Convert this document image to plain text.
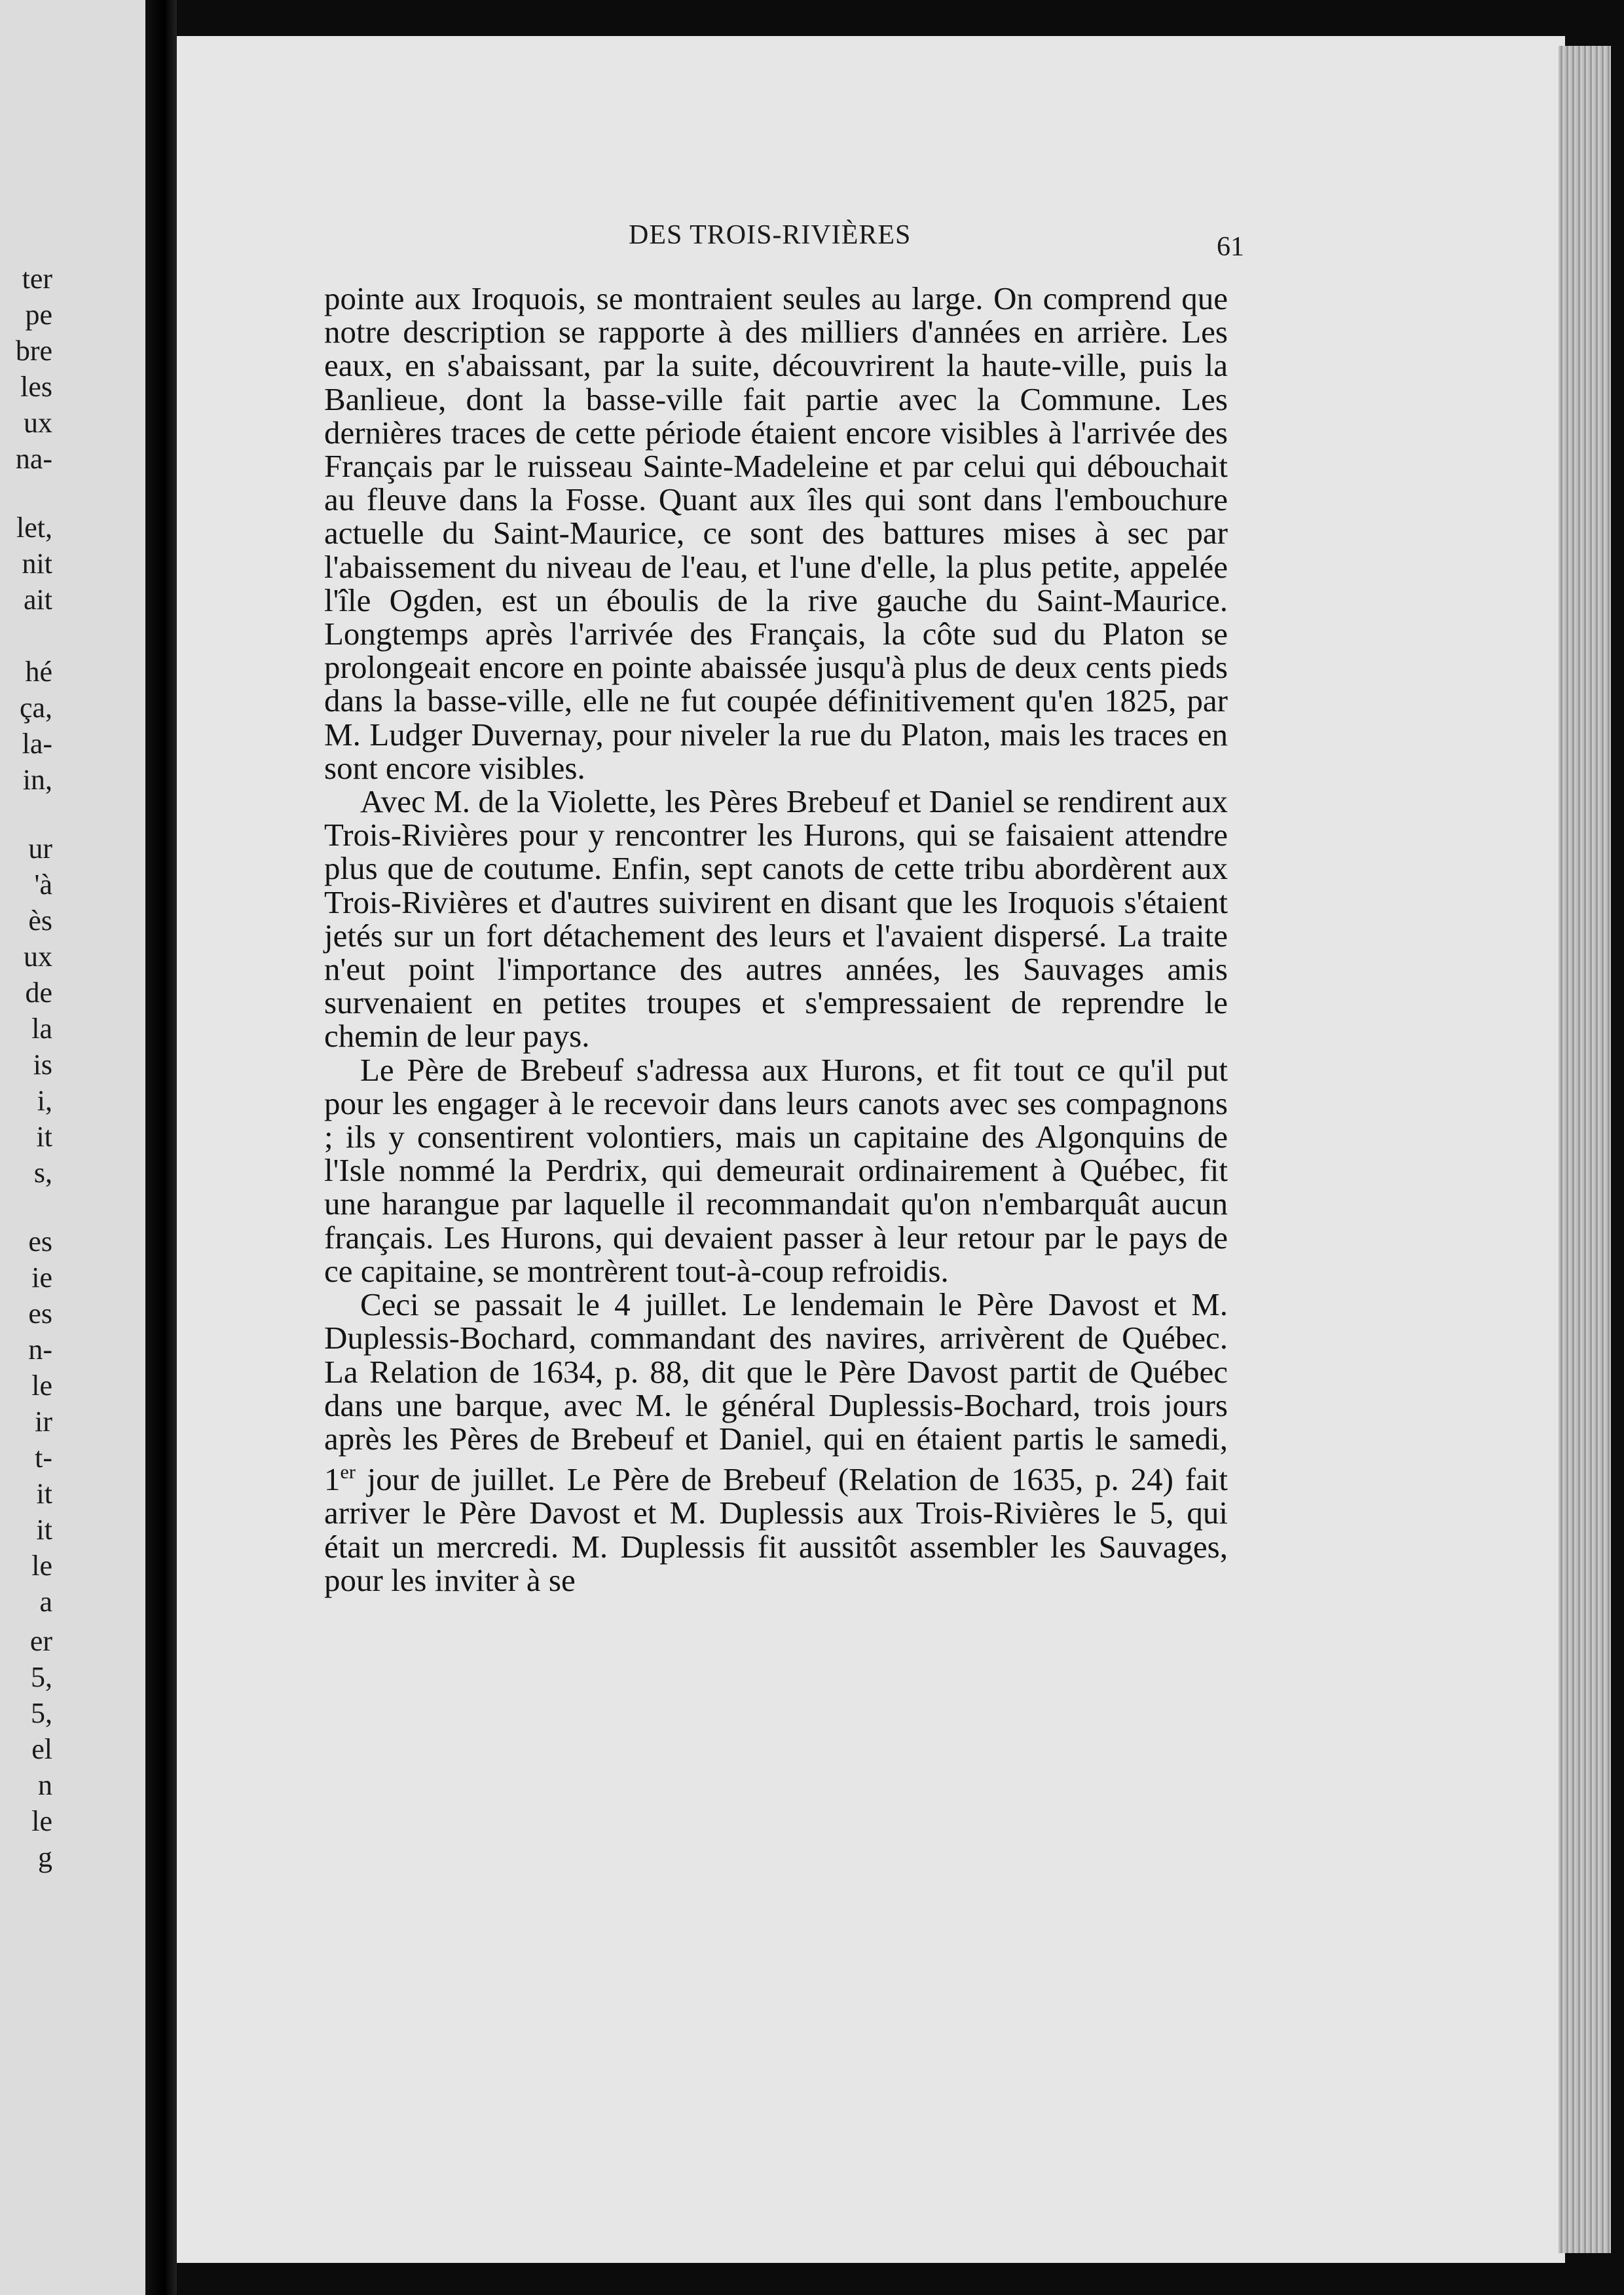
ter
pe
bre
les
ux
na-
let,
nit
ait
hé
ça,
la-
in,
ur
'à
ès
ux
de
la
is
i,
it
s,
es
ie
es
n-
le
ir
t-
it
it
le
a
er
5,
5,
el
n
le
g
DES TROIS-RIVIÈRES	61

pointe aux Iroquois, se montraient seules au large. On comprend que notre description se rapporte à des milliers d'années en arrière. Les eaux, en s'abaissant, par la suite, découvrirent la haute-ville, puis la Banlieue, dont la basse-ville fait partie avec la Commune. Les dernières traces de cette période étaient encore visibles à l'arrivée des Français par le ruisseau Sainte-Madeleine et par celui qui débouchait au fleuve dans la Fosse. Quant aux îles qui sont dans l'embouchure actuelle du Saint-Maurice, ce sont des battures mises à sec par l'abaissement du niveau de l'eau, et l'une d'elle, la plus petite, appelée l'île Ogden, est un éboulis de la rive gauche du Saint-Maurice. Longtemps après l'arrivée des Français, la côte sud du Platon se prolongeait encore en pointe abaissée jusqu'à plus de deux cents pieds dans la basse-ville, elle ne fut coupée définitivement qu'en 1825, par M. Ludger Duvernay, pour niveler la rue du Platon, mais les traces en sont encore visibles.

Avec M. de la Violette, les Pères Brebeuf et Daniel se rendirent aux Trois-Rivières pour y rencontrer les Hurons, qui se faisaient attendre plus que de coutume. Enfin, sept canots de cette tribu abordèrent aux Trois-Rivières et d'autres suivirent en disant que les Iroquois s'étaient jetés sur un fort détachement des leurs et l'avaient dispersé. La traite n'eut point l'importance des autres années, les Sauvages amis survenaient en petites troupes et s'empressaient de reprendre le chemin de leur pays.

Le Père de Brebeuf s'adressa aux Hurons, et fit tout ce qu'il put pour les engager à le recevoir dans leurs canots avec ses compagnons ; ils y consentirent volontiers, mais un capitaine des Algonquins de l'Isle nommé la Perdrix, qui demeurait ordinairement à Québec, fit une harangue par laquelle il recommandait qu'on n'embarquât aucun français. Les Hurons, qui devaient passer à leur retour par le pays de ce capitaine, se montrèrent tout-à-coup refroidis.

Ceci se passait le 4 juillet. Le lendemain le Père Davost et M. Duplessis-Bochard, commandant des navires, arrivèrent de Québec. La Relation de 1634, p. 88, dit que le Père Davost partit de Québec dans une barque, avec M. le général Duplessis-Bochard, trois jours après les Pères de Brebeuf et Daniel, qui en étaient partis le samedi, 1er jour de juillet. Le Père de Brebeuf (Relation de 1635, p. 24) fait arriver le Père Davost et M. Duplessis aux Trois-Rivières le 5, qui était un mercredi. M. Duplessis fit aussitôt assembler les Sauvages, pour les inviter à se
